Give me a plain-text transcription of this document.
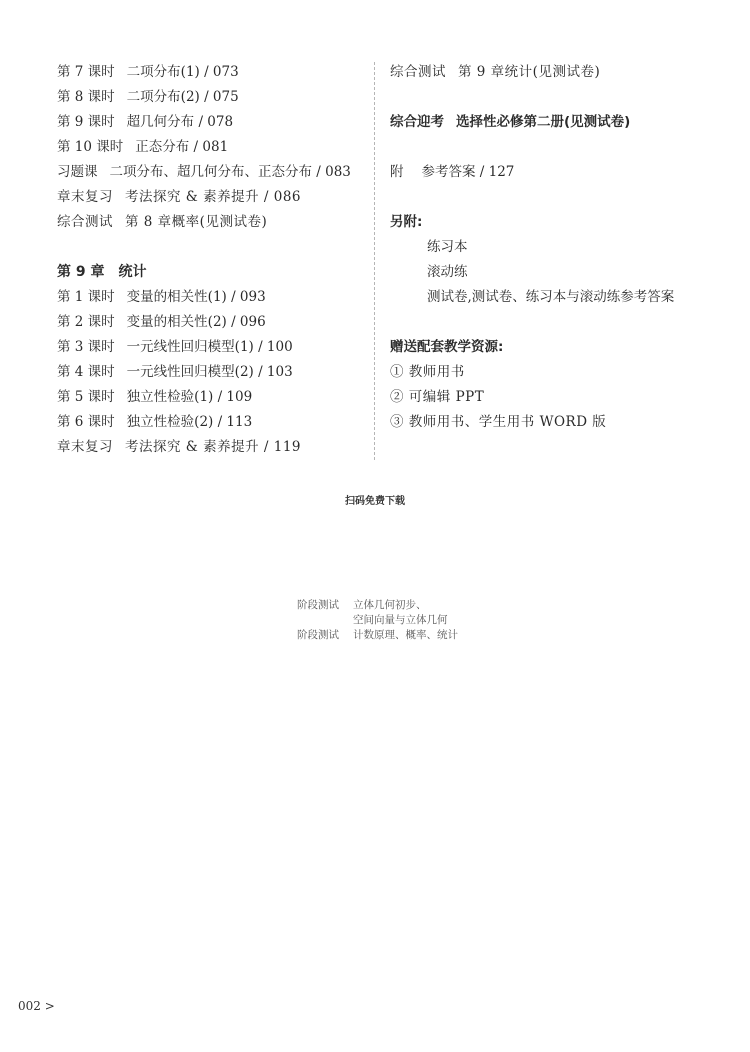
第 7 课时 二项分布(1) / 073
第 8 课时 二项分布(2) / 075
第 9 课时 超几何分布 / 078
第 10 课时 正态分布 / 081
习题课 二项分布、超几何分布、正态分布 / 083
章末复习 考法探究 & 素养提升 / 086
综合测试 第 8 章概率(见测试卷)
第 9 章 统计
第 1 课时 变量的相关性(1) / 093
第 2 课时 变量的相关性(2) / 096
第 3 课时 一元线性回归模型(1) / 100
第 4 课时 一元线性回归模型(2) / 103
第 5 课时 独立性检验(1) / 109
第 6 课时 独立性检验(2) / 113
章末复习 考法探究 & 素养提升 / 119
综合测试 第 9 章统计(见测试卷)
综合迎考 选择性必修第二册(见测试卷)
附 参考答案 / 127
另附:
练习本
滚动练
测试卷,测试卷、练习本与滚动练参考答案
赠送配套教学资源:
① 教师用书
② 可编辑 PPT
③ 教师用书、学生用书 WORD 版
扫码免费下载
阶段测试 立体几何初步、
空间向量与立体几何
阶段测试 计数原理、概率、统计
002 >
